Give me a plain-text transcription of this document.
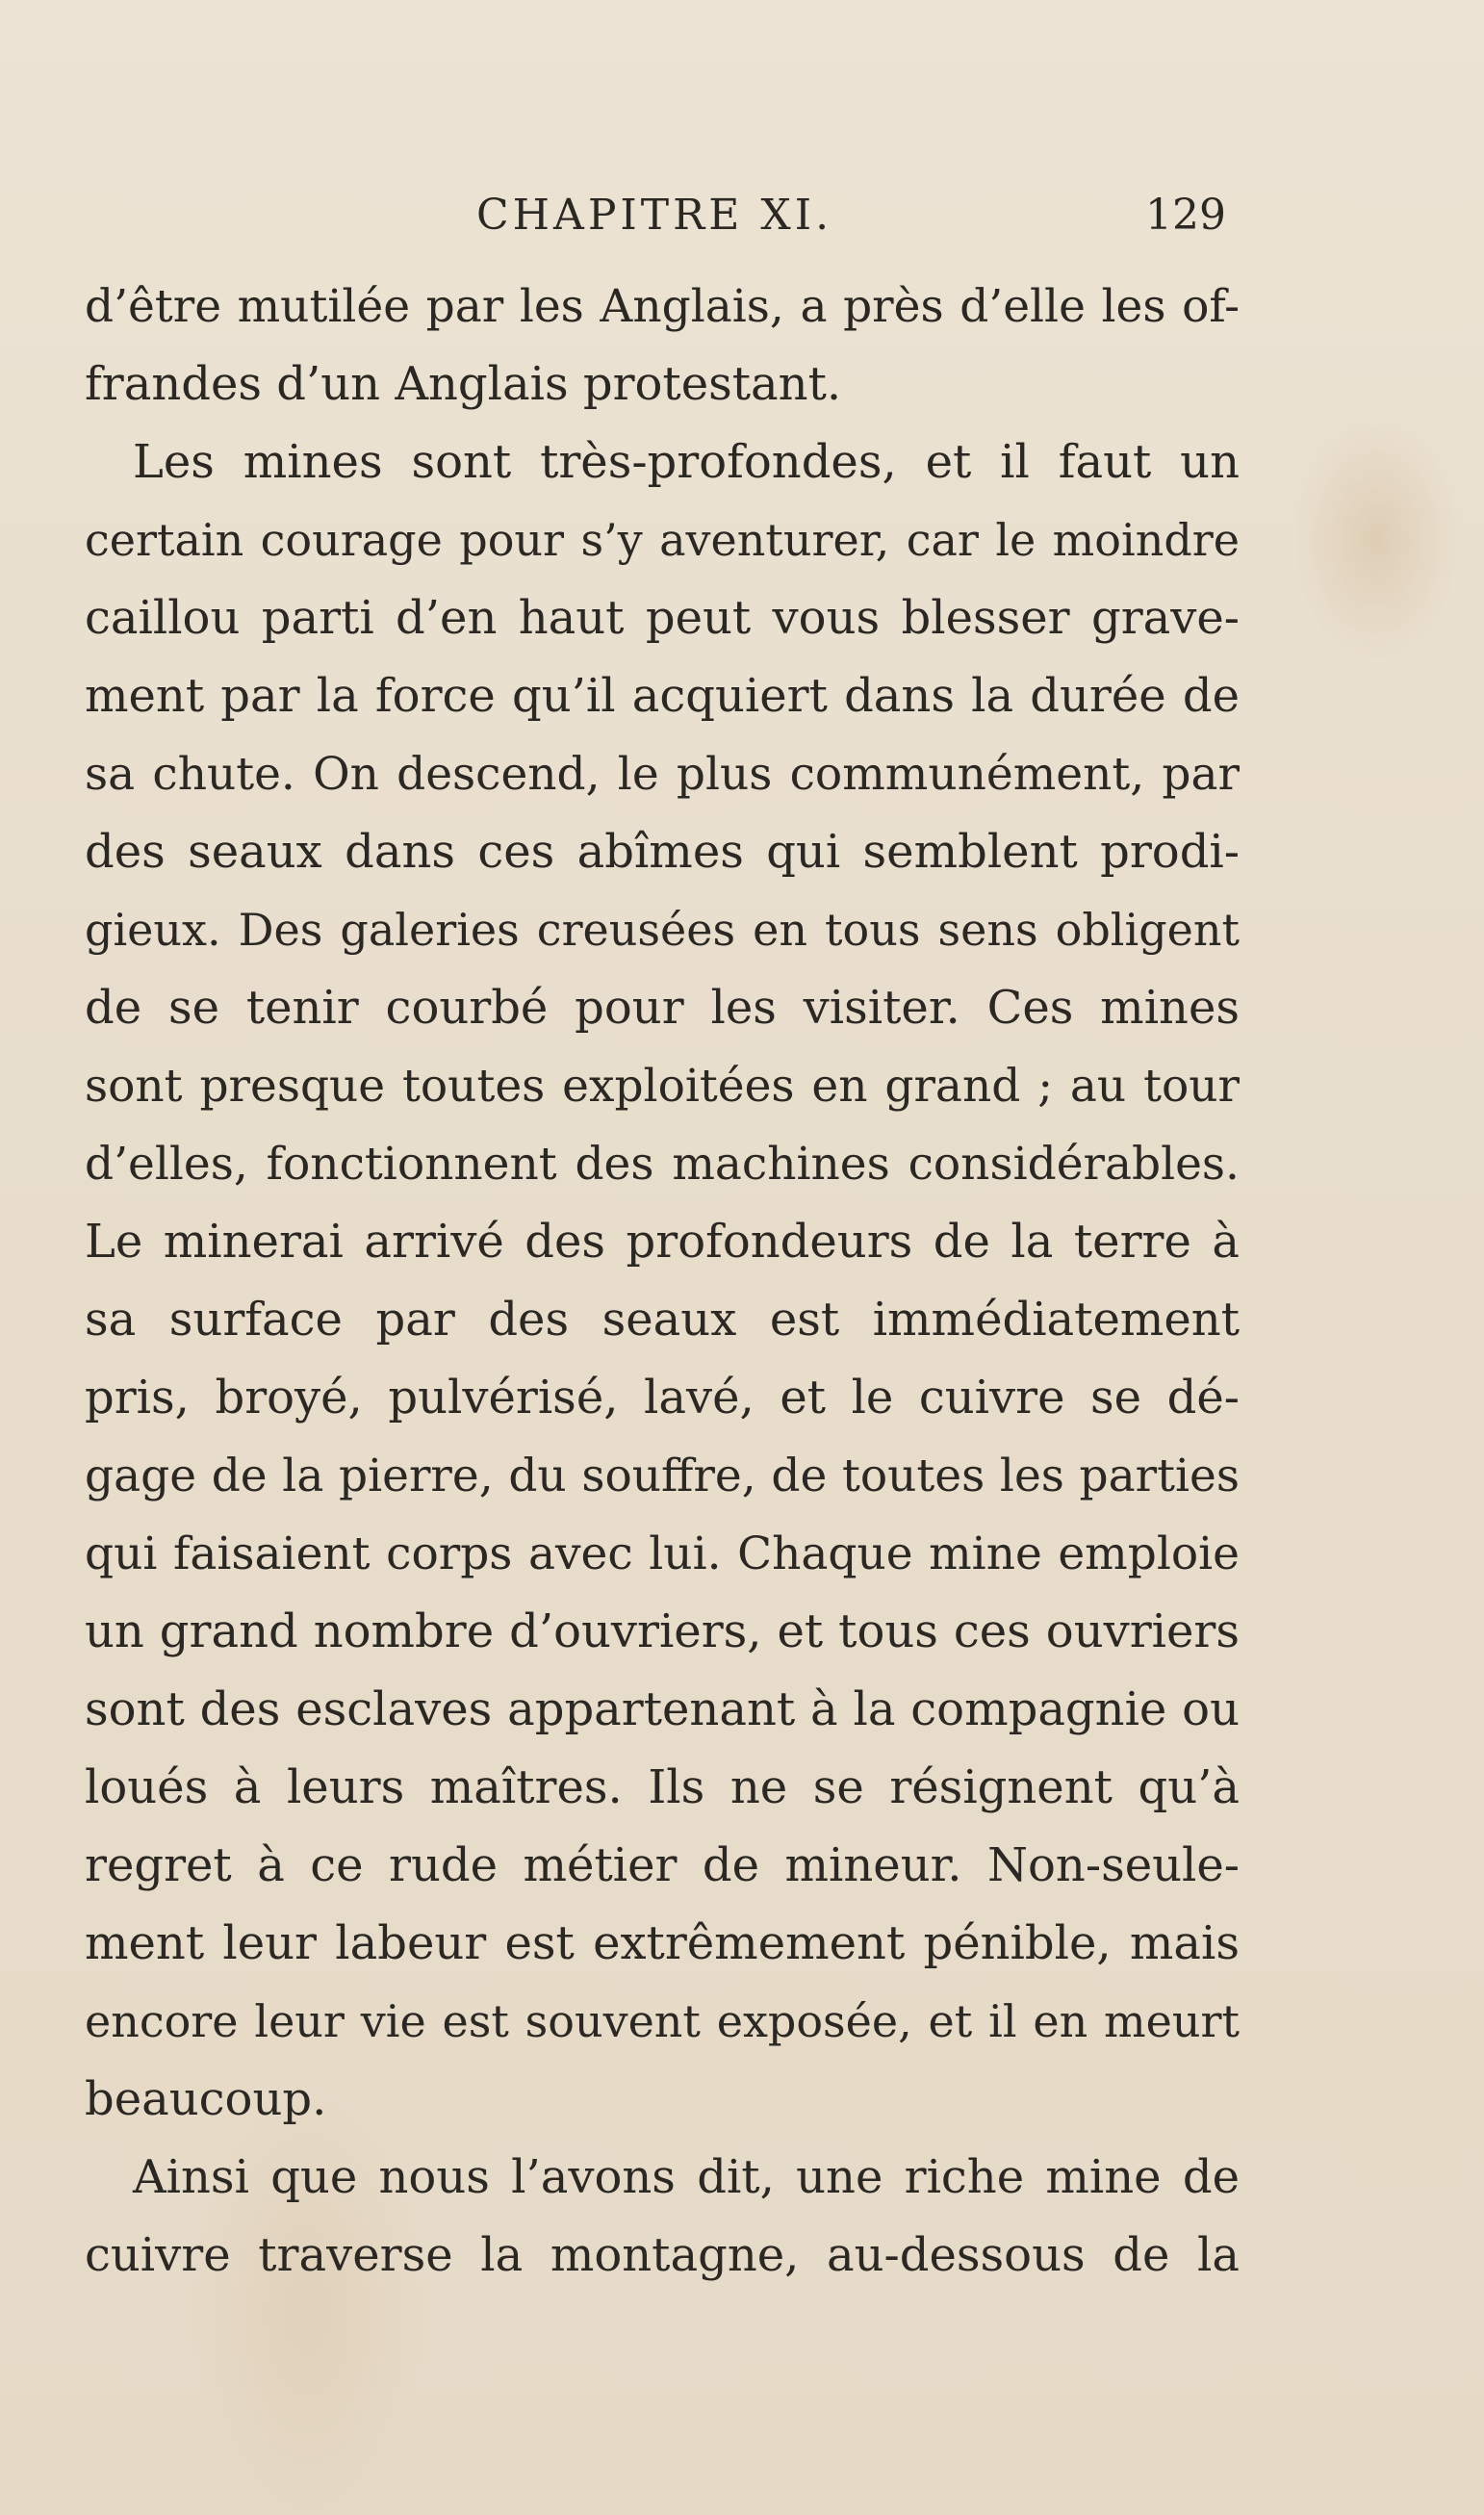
CHAPITRE XI.	129
d’être mutilée par les Anglais, a près d’elle les of-
frandes d’un Anglais protestant.
Les mines sont très-profondes, et il faut un
certain courage pour s’y aventurer, car le moindre
caillou parti d’en haut peut vous blesser grave-
ment par la force qu’il acquiert dans la durée de
sa chute. On descend, le plus communément, par
des seaux dans ces abîmes qui semblent prodi-
gieux. Des galeries creusées en tous sens obligent
de se tenir courbé pour les visiter. Ces mines
sont presque toutes exploitées en grand ; au tour
d’elles, fonctionnent des machines considérables.
Le minerai arrivé des profondeurs de la terre à
sa surface par des seaux est immédiatement
pris, broyé, pulvérisé, lavé, et le cuivre se dé-
gage de la pierre, du souffre, de toutes les parties
qui faisaient corps avec lui. Chaque mine emploie
un grand nombre d’ouvriers, et tous ces ouvriers
sont des esclaves appartenant à la compagnie ou
loués à leurs maîtres. Ils ne se résignent qu’à
regret à ce rude métier de mineur. Non-seule-
ment leur labeur est extrêmement pénible, mais
encore leur vie est souvent exposée, et il en meurt
beaucoup.
Ainsi que nous l’avons dit, une riche mine de
cuivre traverse la montagne, au-dessous de la
